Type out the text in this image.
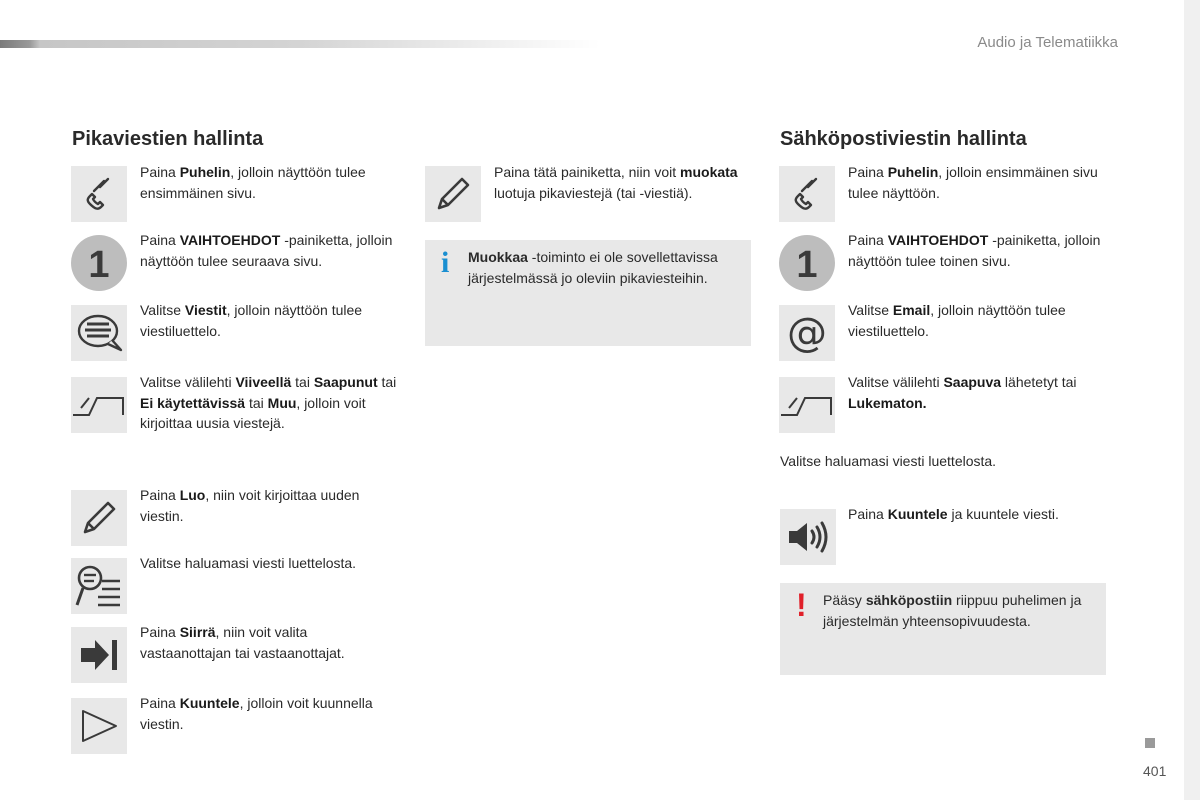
Audio ja Telematiikka
Pikaviestien hallinta
Paina Puhelin, jolloin näyttöön tulee ensimmäinen sivu.
1
Paina VAIHTOEHDOT -painiketta, jolloin näyttöön tulee seuraava sivu.
Valitse Viestit, jolloin näyttöön tulee viestiluettelo.
Valitse välilehti Viiveellä tai Saapunut tai Ei käytettävissä tai Muu, jolloin voit kirjoittaa uusia viestejä.
Paina Luo, niin voit kirjoittaa uuden viestin.
Valitse haluamasi viesti luettelosta.
Paina Siirrä, niin voit valita vastaanottajan tai vastaanottajat.
Paina Kuuntele, jolloin voit kuunnella viestin.
Paina tätä painiketta, niin voit muokata luotuja pikaviestejä (tai -viestiä).
i Muokkaa -toiminto ei ole sovellettavissa järjestelmässä jo oleviin pikaviesteihin.
Sähköpostiviestin hallinta
Paina Puhelin, jolloin ensimmäinen sivu tulee näyttöön.
1
Paina VAIHTOEHDOT -painiketta, jolloin näyttöön tulee toinen sivu.
@ Valitse Email, jolloin näyttöön tulee viestiluettelo.
Valitse välilehti Saapuva lähetetyt tai Lukematon.
Valitse haluamasi viesti luettelosta.
Paina Kuuntele ja kuuntele viesti.
! Pääsy sähköpostiin riippuu puhelimen ja järjestelmän yhteensopivuudesta.
401
